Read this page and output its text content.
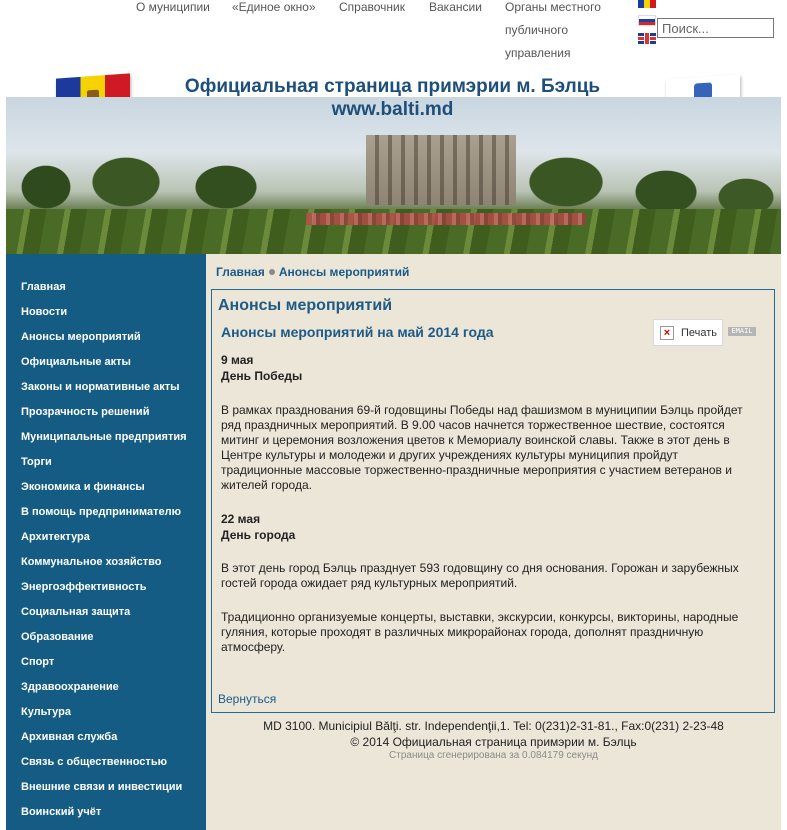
О муниципии «Единое окно» Справочник Вакансии Органы местного публичного управления
Поиск...
Официальная страница примэрии м. Бэлць
www.balti.md
Главная
Новости
Анонсы мероприятий
Официальные акты
Законы и нормативные акты
Прозрачность решений
Муниципальные предприятия
Торги
Экономика и финансы
В помощь предпринимателю
Архитектура
Коммунальное хозяйство
Энергоэффективность
Социальная защита
Образование
Спорт
Здравоохранение
Культура
Архивная служба
Связь с общественностью
Внешние связи и инвестиции
Воинский учёт
Главная Анонсы мероприятий
Анонсы мероприятий
Анонсы мероприятий на май 2014 года	× Печать	EMAIL
9 мая
День Победы
В рамках празднования 69-й годовщины Победы над фашизмом в муниципии Бэлць пройдет ряд праздничных мероприятий. В 9.00 часов начнется торжественное шествие, состоятся митинг и церемония возложения цветов к Мемориалу воинской славы. Также в этот день в Центре культуры и молодежи и других учреждениях культуры муниципия пройдут традиционные массовые торжественно-праздничные мероприятия с участием ветеранов и жителей города.
22 мая
День города
В этот день город Бэлць празднует 593 годовщину со дня основания. Горожан и зарубежных гостей города ожидает ряд культурных мероприятий.
Традиционно организуемые концерты, выставки, экскурсии, конкурсы, викторины, народные гуляния, которые проходят в различных микрорайонах города, дополнят праздничную атмосферу.
Вернуться
MD 3100. Municipiul Bălţi. str. Independenţii,1. Tel: 0(231)2-31-81., Fax:0(231) 2-23-48
© 2014 Официальная страница примэрии м. Бэлць
Страница сгенерирована за 0.084179 секунд
